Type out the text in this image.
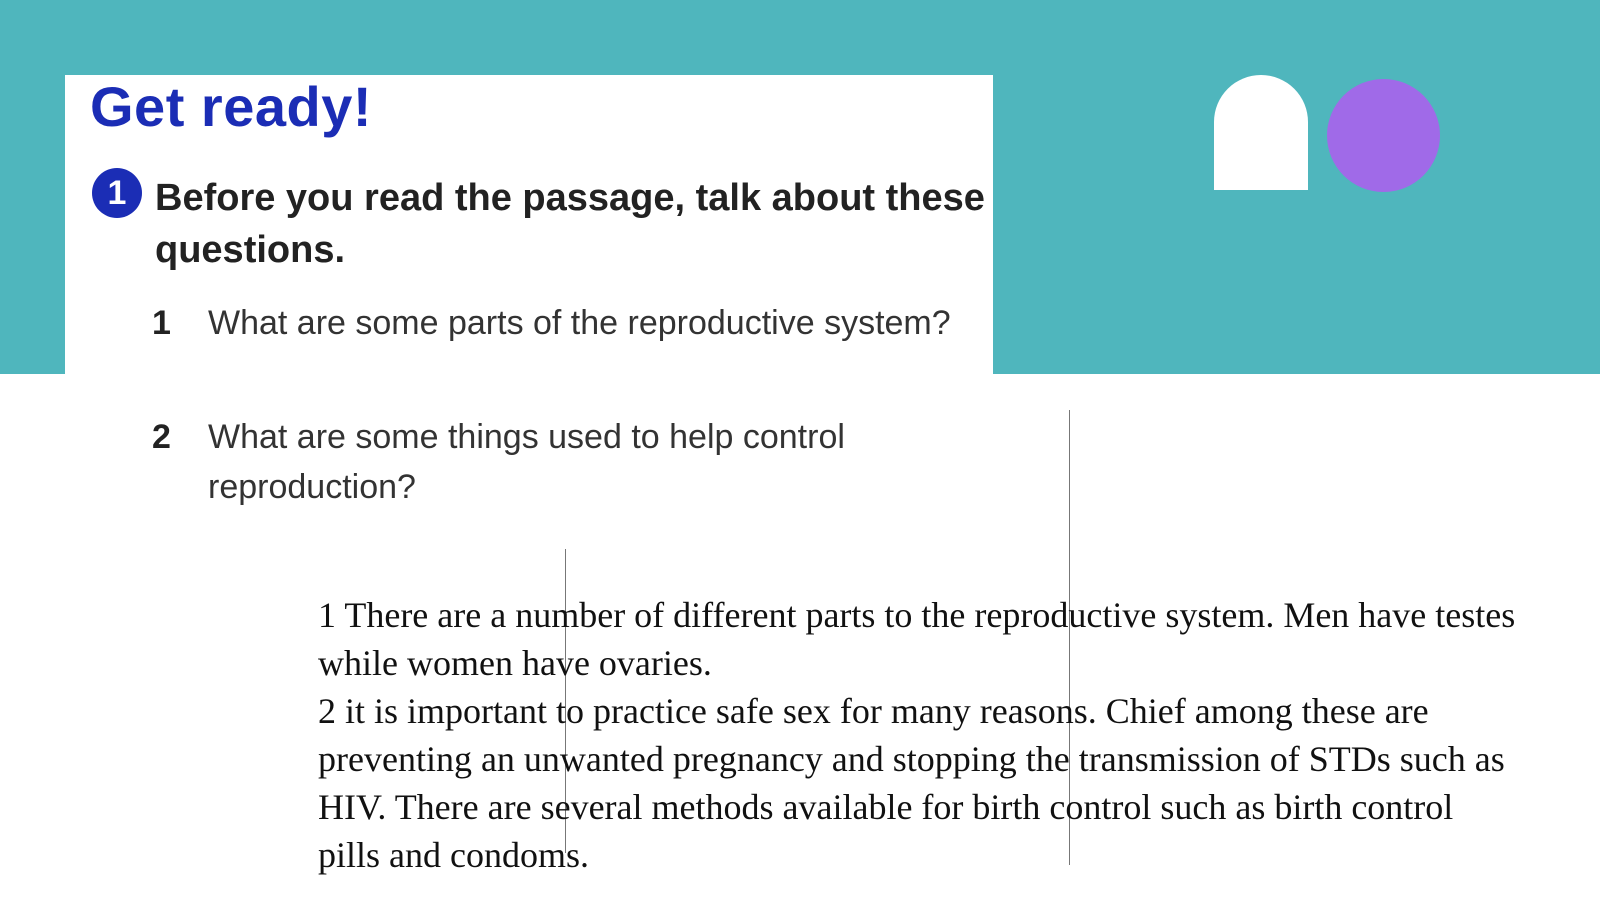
Get ready!
1 Before you read the passage, talk about these questions.
1 What are some parts of the reproductive system?
2 What are some things used to help control reproduction?

1 There are a number of different parts to the reproductive system. Men have testes while women have ovaries.

2 it is important to practice safe sex for many reasons. Chief among these are preventing an unwanted pregnancy and stopping the transmission of STDs such as HIV. There are several methods available for birth control such as birth control pills and condoms.
